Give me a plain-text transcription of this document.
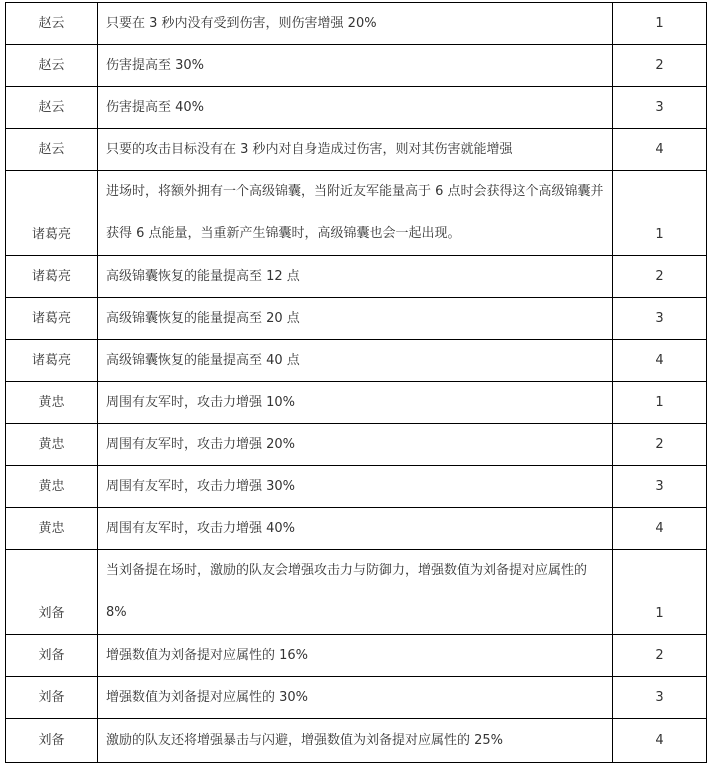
赵云	只要在 3 秒内没有受到伤害，则伤害增强 20%	1
赵云	伤害提高至 30%	2
赵云	伤害提高至 40%	3
赵云	只要的攻击目标没有在 3 秒内对自身造成过伤害，则对其伤害就能增强	4
诸葛亮	进场时，将额外拥有一个高级锦囊，当附近友军能量高于 6 点时会获得这个高级锦囊并获得 6 点能量，当重新产生锦囊时，高级锦囊也会一起出现。	1
诸葛亮	高级锦囊恢复的能量提高至 12 点	2
诸葛亮	高级锦囊恢复的能量提高至 20 点	3
诸葛亮	高级锦囊恢复的能量提高至 40 点	4
黄忠	周围有友军时，攻击力增强 10%	1
黄忠	周围有友军时，攻击力增强 20%	2
黄忠	周围有友军时，攻击力增强 30%	3
黄忠	周围有友军时，攻击力增强 40%	4
刘备	当刘备提在场时，激励的队友会增强攻击力与防御力，增强数值为刘备提对应属性的 8%	1
刘备	增强数值为刘备提对应属性的 16%	2
刘备	增强数值为刘备提对应属性的 30%	3
刘备	激励的队友还将增强暴击与闪避，增强数值为刘备提对应属性的 25%	4
